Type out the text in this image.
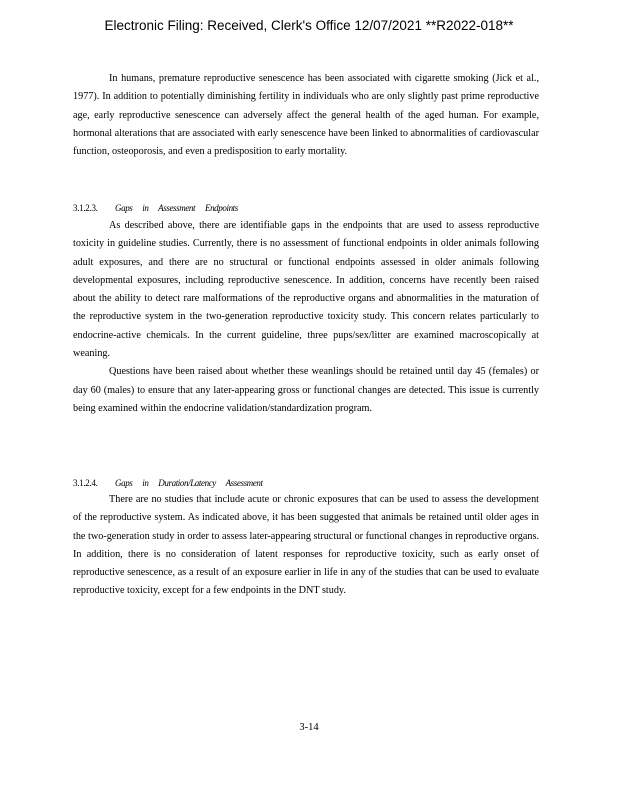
Electronic Filing: Received, Clerk's Office 12/07/2021 **R2022-018**

In humans, premature reproductive senescence has been associated with cigarette smoking (Jick et al., 1977). In addition to potentially diminishing fertility in individuals who are only slightly past prime reproductive age, early reproductive senescence can adversely affect the general health of the aged human. For example, hormonal alterations that are associated with early senescence have been linked to abnormalities of cardiovascular function, osteoporosis, and even a predisposition to early mortality.

3.1.2.3. Gaps in Assessment Endpoints

As described above, there are identifiable gaps in the endpoints that are used to assess reproductive toxicity in guideline studies. Currently, there is no assessment of functional endpoints in older animals following adult exposures, and there are no structural or functional endpoints assessed in older animals following developmental exposures, including reproductive senescence. In addition, concerns have recently been raised about the ability to detect rare malformations of the reproductive organs and abnormalities in the maturation of the reproductive system in the two-generation reproductive toxicity study. This concern relates particularly to endocrine-active chemicals. In the current guideline, three pups/sex/litter are examined macroscopically at weaning.

Questions have been raised about whether these weanlings should be retained until day 45 (females) or day 60 (males) to ensure that any later-appearing gross or functional changes are detected. This issue is currently being examined within the endocrine validation/standardization program.

3.1.2.4. Gaps in Duration/Latency Assessment

There are no studies that include acute or chronic exposures that can be used to assess the development of the reproductive system. As indicated above, it has been suggested that animals be retained until older ages in the two-generation study in order to assess later-appearing structural or functional changes in reproductive organs. In addition, there is no consideration of latent responses for reproductive toxicity, such as early onset of reproductive senescence, as a result of an exposure earlier in life in any of the studies that can be used to evaluate reproductive toxicity, except for a few endpoints in the DNT study.

3-14
